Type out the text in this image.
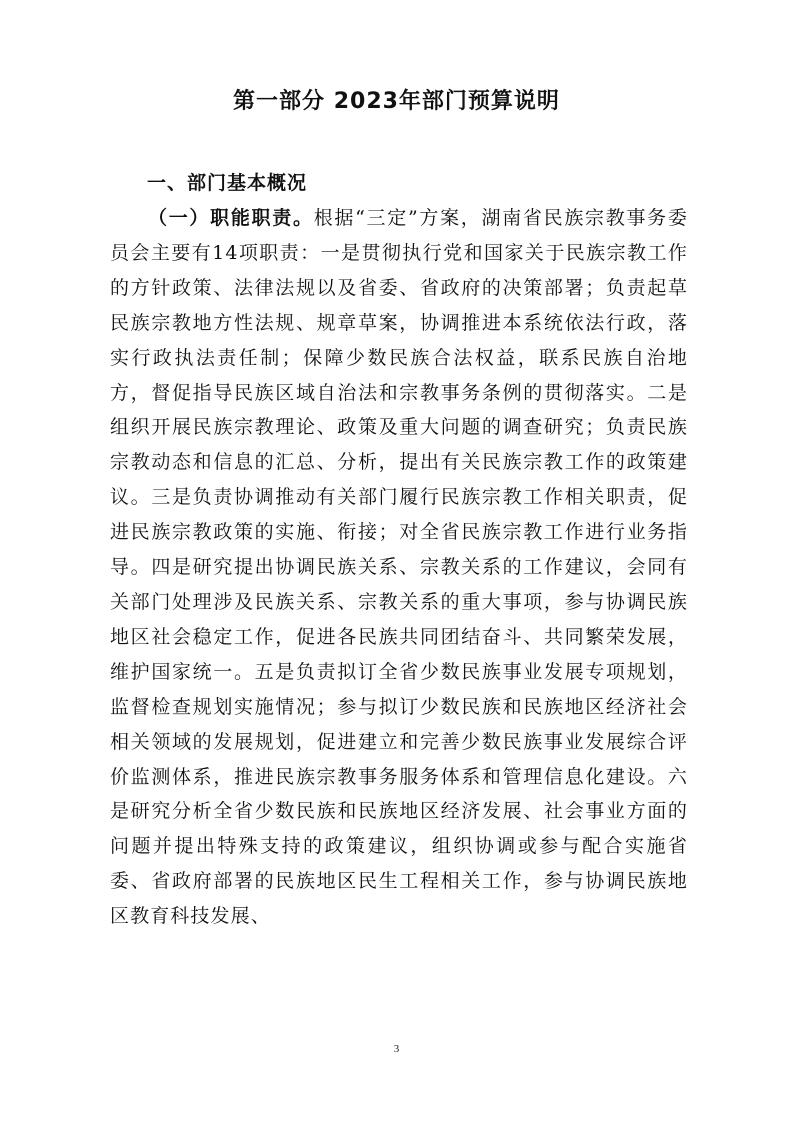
第一部分 2023年部门预算说明
一、部门基本概况

（一）职能职责。根据“三定”方案，湖南省民族宗教事务委员会主要有14项职责：一是贯彻执行党和国家关于民族宗教工作的方针政策、法律法规以及省委、省政府的决策部署；负责起草民族宗教地方性法规、规章草案，协调推进本系统依法行政，落实行政执法责任制；保障少数民族合法权益，联系民族自治地方，督促指导民族区域自治法和宗教事务条例的贯彻落实。二是组织开展民族宗教理论、政策及重大问题的调查研究；负责民族宗教动态和信息的汇总、分析，提出有关民族宗教工作的政策建议。三是负责协调推动有关部门履行民族宗教工作相关职责，促进民族宗教政策的实施、衔接；对全省民族宗教工作进行业务指导。四是研究提出协调民族关系、宗教关系的工作建议，会同有关部门处理涉及民族关系、宗教关系的重大事项，参与协调民族地区社会稳定工作，促进各民族共同团结奋斗、共同繁荣发展，维护国家统一。五是负责拟订全省少数民族事业发展专项规划，监督检查规划实施情况；参与拟订少数民族和民族地区经济社会相关领域的发展规划，促进建立和完善少数民族事业发展综合评价监测体系，推进民族宗教事务服务体系和管理信息化建设。六是研究分析全省少数民族和民族地区经济发展、社会事业方面的问题并提出特殊支持的政策建议，组织协调或参与配合实施省委、省政府部署的民族地区民生工程相关工作，参与协调民族地区教育科技发展、

3
